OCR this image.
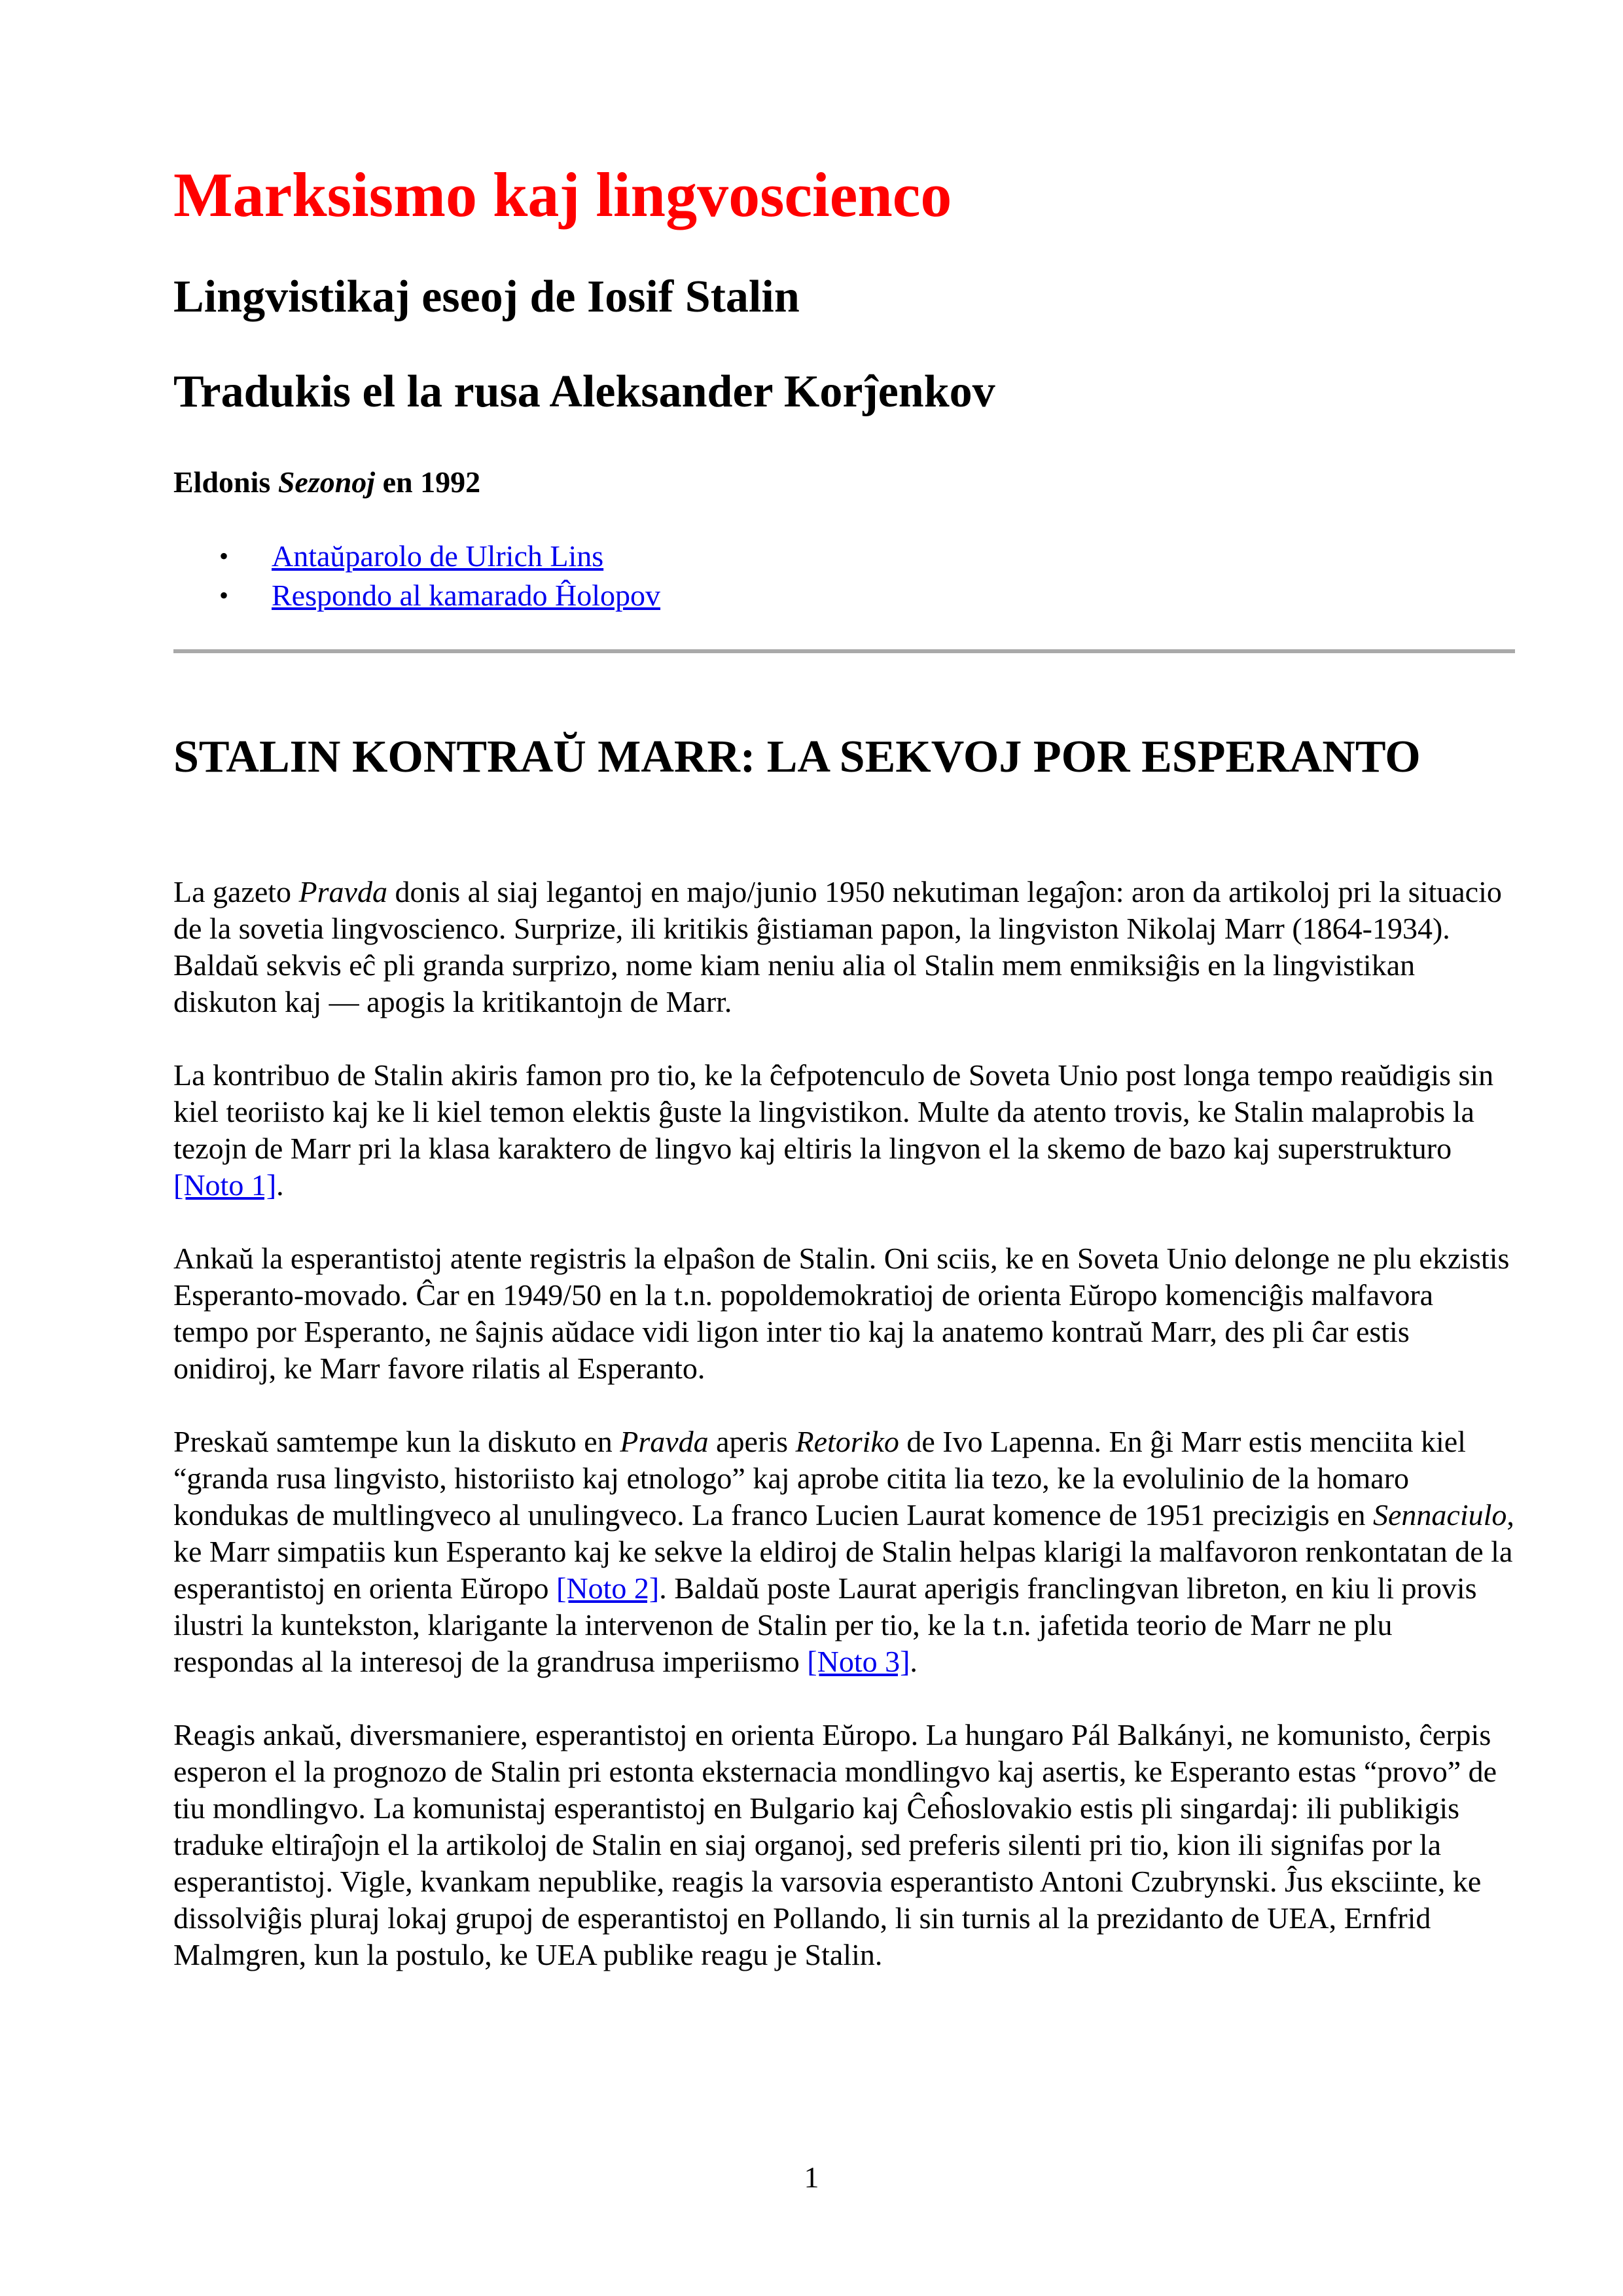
Marksismo kaj lingvoscienco
Lingvistikaj eseoj de Iosif Stalin
Tradukis el la rusa Aleksander Korĵenkov

Eldonis Sezonoj en 1992

• Antaŭparolo de Ulrich Lins
• Respondo al kamarado Ĥolopov
STALIN KONTRAŬ MARR: LA SEKVOJ POR ESPERANTO

La gazeto Pravda donis al siaj legantoj en majo/junio 1950 nekutiman legaĵon: aron da artikoloj pri la situacio de la sovetia lingvoscienco. Surprize, ili kritikis ĝistiaman papon, la lingviston Nikolaj Marr (1864-1934). Baldaŭ sekvis eĉ pli granda surprizo, nome kiam neniu alia ol Stalin mem enmiksiĝis en la lingvistikan diskuton kaj — apogis la kritikantojn de Marr.

La kontribuo de Stalin akiris famon pro tio, ke la ĉefpotenculo de Soveta Unio post longa tempo reaŭdigis sin kiel teoriisto kaj ke li kiel temon elektis ĝuste la lingvistikon. Multe da atento trovis, ke Stalin malaprobis la tezojn de Marr pri la klasa karaktero de lingvo kaj eltiris la lingvon el la skemo de bazo kaj superstrukturo [Noto 1].

Ankaŭ la esperantistoj atente registris la elpaŝon de Stalin. Oni sciis, ke en Soveta Unio delonge ne plu ekzistis Esperanto-movado. Ĉar en 1949/50 en la t.n. popoldemokratioj de orienta Eŭropo komenciĝis malfavora tempo por Esperanto, ne ŝajnis aŭdace vidi ligon inter tio kaj la anatemo kontraŭ Marr, des pli ĉar estis onidiroj, ke Marr favore rilatis al Esperanto.

Preskaŭ samtempe kun la diskuto en Pravda aperis Retoriko de Ivo Lapenna. En ĝi Marr estis menciita kiel “granda rusa lingvisto, historiisto kaj etnologo” kaj aprobe citita lia tezo, ke la evolulinio de la homaro kondukas de multlingveco al unulingveco. La franco Lucien Laurat komence de 1951 precizigis en Sennaciulo, ke Marr simpatiis kun Esperanto kaj ke sekve la eldiroj de Stalin helpas klarigi la malfavoron renkontatan de la esperantistoj en orienta Eŭropo [Noto 2]. Baldaŭ poste Laurat aperigis franclingvan libreton, en kiu li provis ilustri la kuntekston, klarigante la intervenon de Stalin per tio, ke la t.n. jafetida teorio de Marr ne plu respondas al la interesoj de la grandrusa imperiismo [Noto 3].

Reagis ankaŭ, diversmaniere, esperantistoj en orienta Eŭropo. La hungaro Pál Balkányi, ne komunisto, ĉerpis esperon el la prognozo de Stalin pri estonta eksternacia mondlingvo kaj asertis, ke Esperanto estas “provo” de tiu mondlingvo. La komunistaj esperantistoj en Bulgario kaj Ĉeĥoslovakio estis pli singardaj: ili publikigis traduke eltiraĵojn el la artikoloj de Stalin en siaj organoj, sed preferis silenti pri tio, kion ili signifas por la esperantistoj. Vigle, kvankam nepublike, reagis la varsovia esperantisto Antoni Czubrynski. Ĵus eksciinte, ke dissolviĝis pluraj lokaj grupoj de esperantistoj en Pollando, li sin turnis al la prezidanto de UEA, Ernfrid Malmgren, kun la postulo, ke UEA publike reagu je Stalin.

1
